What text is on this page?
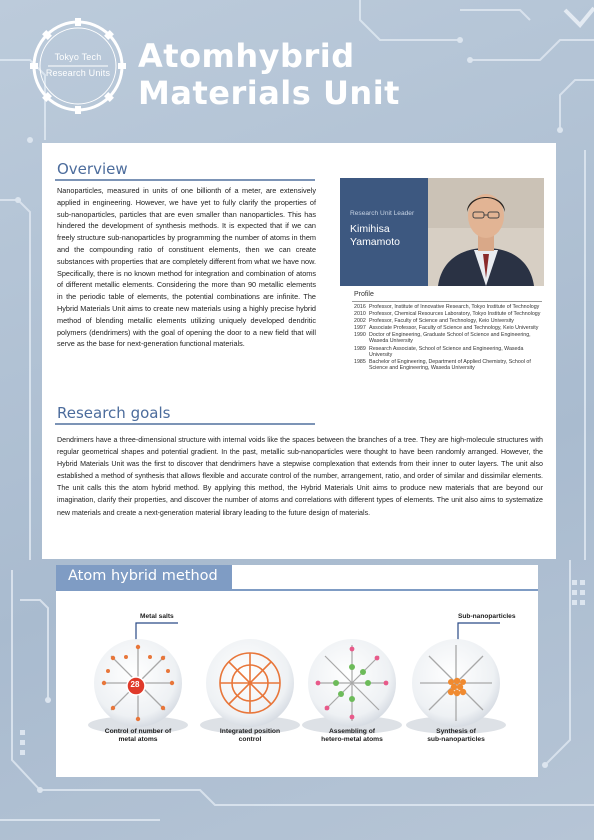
Tokyo Tech
Research Units Atomhybrid
Materials Unit
Overview
Nanoparticles, measured in units of one billionth of a meter, are extensively applied in engineering. However, we have yet to fully clarify the properties of sub-nanoparticles, particles that are even smaller than nanoparticles. This has hindered the development of synthesis methods. It is expected that if we can freely structure sub-nanoparticles by programming the number of atoms in them and the compounding ratio of constituent elements, then we can create substances with properties that are completely different from what we have now. Specifically, there is no known method for integration and combination of atoms of different metallic elements. Considering the more than 90 metallic elements in the periodic table of elements, the potential combinations are infinite. The Hybrid Materials Unit aims to create new materials using a highly precise hybrid method of blending metallic elements utilizing uniquely developed dendritic polymers (dendrimers) with the goal of opening the door to a new field that will serve as the base for next-generation functional materials.
Research Unit Leader
Kimihisa
Yamamoto
Profile
2016 Professor, Institute of Innovative Research, Tokyo Institute of Technology
2010 Professor, Chemical Resources Laboratory, Tokyo Institute of Technology
2002 Professor, Faculty of Science and Technology, Keio University
1997 Associate Professor, Faculty of Science and Technology, Keio University
1990 Doctor of Engineering, Graduate School of Science and Engineering, Waseda University
1989 Research Associate, School of Science and Engineering, Waseda University
1985 Bachelor of Engineering, Department of Applied Chemistry, School of Science and Engineering, Waseda University
Research goals
Dendrimers have a three-dimensional structure with internal voids like the spaces between the branches of a tree. They are high-molecule structures with regular geometrical shapes and potential gradient. In the past, metallic sub-nanoparticles were thought to have been randomly arranged. However, the Hybrid Materials Unit was the first to discover that dendrimers have a stepwise complexation that extends from their inner to outer layers. The unit also established a method of synthesis that allows flexible and accurate control of the number, arrangement, ratio, and order of similar and dissimilar elements. The unit calls this the atom hybrid method. By applying this method, the Hybrid Materials Unit aims to produce new materials that are beyond our imagination, clarify their properties, and discover the number of atoms and correlations with different types of elements. The unit also aims to systematize new materials and create a next-generation material library leading to the future design of materials.
Atom hybrid method
Metal salts	Sub-nanoparticles
28
Control of number of
metal atoms
Integrated position
control
Assembling of
hetero-metal atoms
Synthesis of
sub-nanoparticles
